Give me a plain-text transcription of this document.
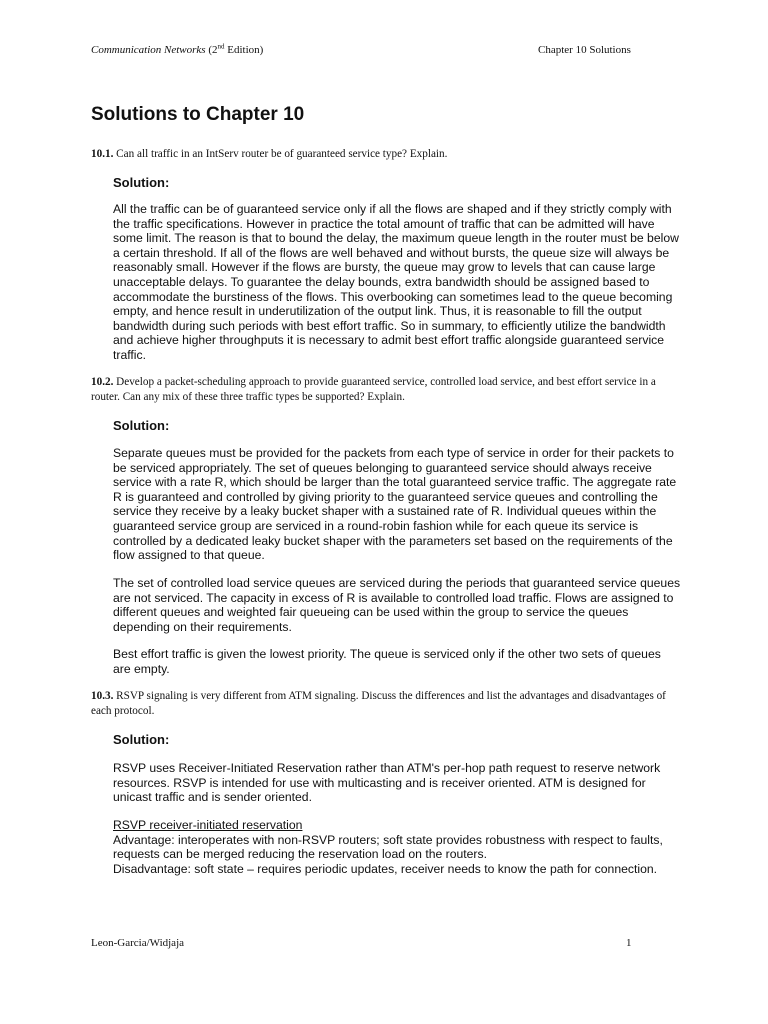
Communication Networks (2nd Edition)	Chapter 10 Solutions
Solutions to Chapter 10
10.1. Can all traffic in an IntServ router be of guaranteed service type? Explain.
Solution:
All the traffic can be of guaranteed service only if all the flows are shaped and if they strictly comply with the traffic specifications. However in practice the total amount of traffic that can be admitted will have some limit. The reason is that to bound the delay, the maximum queue length in the router must be below a certain threshold. If all of the flows are well behaved and without bursts, the queue size will always be reasonably small. However if the flows are bursty, the queue may grow to levels that can cause large unacceptable delays. To guarantee the delay bounds, extra bandwidth should be assigned based to accommodate the burstiness of the flows. This overbooking can sometimes lead to the queue becoming empty, and hence result in underutilization of the output link. Thus, it is reasonable to fill the output bandwidth during such periods with best effort traffic. So in summary, to efficiently utilize the bandwidth and achieve higher throughputs it is necessary to admit best effort traffic alongside guaranteed service traffic.
10.2. Develop a packet-scheduling approach to provide guaranteed service, controlled load service, and best effort service in a router. Can any mix of these three traffic types be supported? Explain.
Solution:
Separate queues must be provided for the packets from each type of service in order for their packets to be serviced appropriately. The set of queues belonging to guaranteed service should always receive service with a rate R, which should be larger than the total guaranteed service traffic. The aggregate rate R is guaranteed and controlled by giving priority to the guaranteed service queues and controlling the service they receive by a leaky bucket shaper with a sustained rate of R. Individual queues within the guaranteed service group are serviced in a round-robin fashion while for each queue its service is controlled by a dedicated leaky bucket shaper with the parameters set based on the requirements of the flow assigned to that queue.
The set of controlled load service queues are serviced during the periods that guaranteed service queues are not serviced. The capacity in excess of R is available to controlled load traffic. Flows are assigned to different queues and weighted fair queueing can be used within the group to service the queues depending on their requirements.
Best effort traffic is given the lowest priority. The queue is serviced only if the other two sets of queues are empty.
10.3. RSVP signaling is very different from ATM signaling. Discuss the differences and list the advantages and disadvantages of each protocol.
Solution:
RSVP uses Receiver-Initiated Reservation rather than ATM's per-hop path request to reserve network resources. RSVP is intended for use with multicasting and is receiver oriented. ATM is designed for unicast traffic and is sender oriented.
RSVP receiver-initiated reservation
Advantage: interoperates with non-RSVP routers; soft state provides robustness with respect to faults, requests can be merged reducing the reservation load on the routers.
Disadvantage: soft state – requires periodic updates, receiver needs to know the path for connection.
Leon-Garcia/Widjaja	1
